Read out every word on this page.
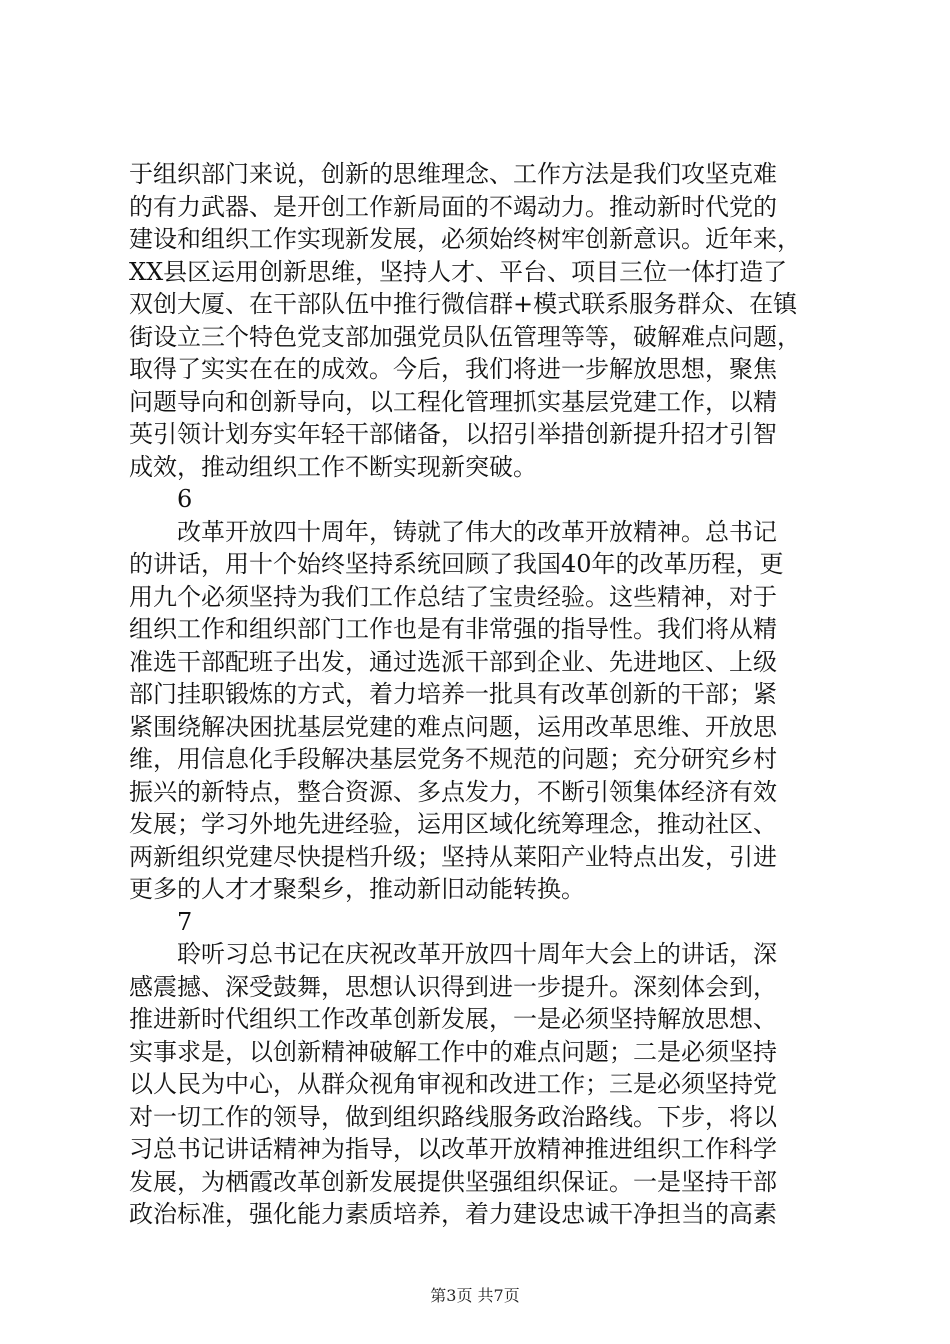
于组织部门来说，创新的思维理念、工作方法是我们攻坚克难
的有力武器、是开创工作新局面的不竭动力。推动新时代党的
建设和组织工作实现新发展，必须始终树牢创新意识。近年来，
XX县区运用创新思维，坚持人才、平台、项目三位一体打造了
双创大厦、在干部队伍中推行微信群+模式联系服务群众、在镇
街设立三个特色党支部加强党员队伍管理等等，破解难点问题，
取得了实实在在的成效。今后，我们将进一步解放思想，聚焦
问题导向和创新导向，以工程化管理抓实基层党建工作，以精
英引领计划夯实年轻干部储备，以招引举措创新提升招才引智
成效，推动组织工作不断实现新突破。
6
　　改革开放四十周年，铸就了伟大的改革开放精神。总书记
的讲话，用十个始终坚持系统回顾了我国40年的改革历程，更
用九个必须坚持为我们工作总结了宝贵经验。这些精神，对于
组织工作和组织部门工作也是有非常强的指导性。我们将从精
准选干部配班子出发，通过选派干部到企业、先进地区、上级
部门挂职锻炼的方式，着力培养一批具有改革创新的干部；紧
紧围绕解决困扰基层党建的难点问题，运用改革思维、开放思
维，用信息化手段解决基层党务不规范的问题；充分研究乡村
振兴的新特点，整合资源、多点发力，不断引领集体经济有效
发展；学习外地先进经验，运用区域化统筹理念，推动社区、
两新组织党建尽快提档升级；坚持从莱阳产业特点出发，引进
更多的人才才聚梨乡，推动新旧动能转换。
7
　　聆听习总书记在庆祝改革开放四十周年大会上的讲话，深
感震撼、深受鼓舞，思想认识得到进一步提升。深刻体会到，
推进新时代组织工作改革创新发展，一是必须坚持解放思想、
实事求是，以创新精神破解工作中的难点问题；二是必须坚持
以人民为中心，从群众视角审视和改进工作；三是必须坚持党
对一切工作的领导，做到组织路线服务政治路线。下步，将以
习总书记讲话精神为指导，以改革开放精神推进组织工作科学
发展，为栖霞改革创新发展提供坚强组织保证。一是坚持干部
政治标准，强化能力素质培养，着力建设忠诚干净担当的高素
第3页 共7页
